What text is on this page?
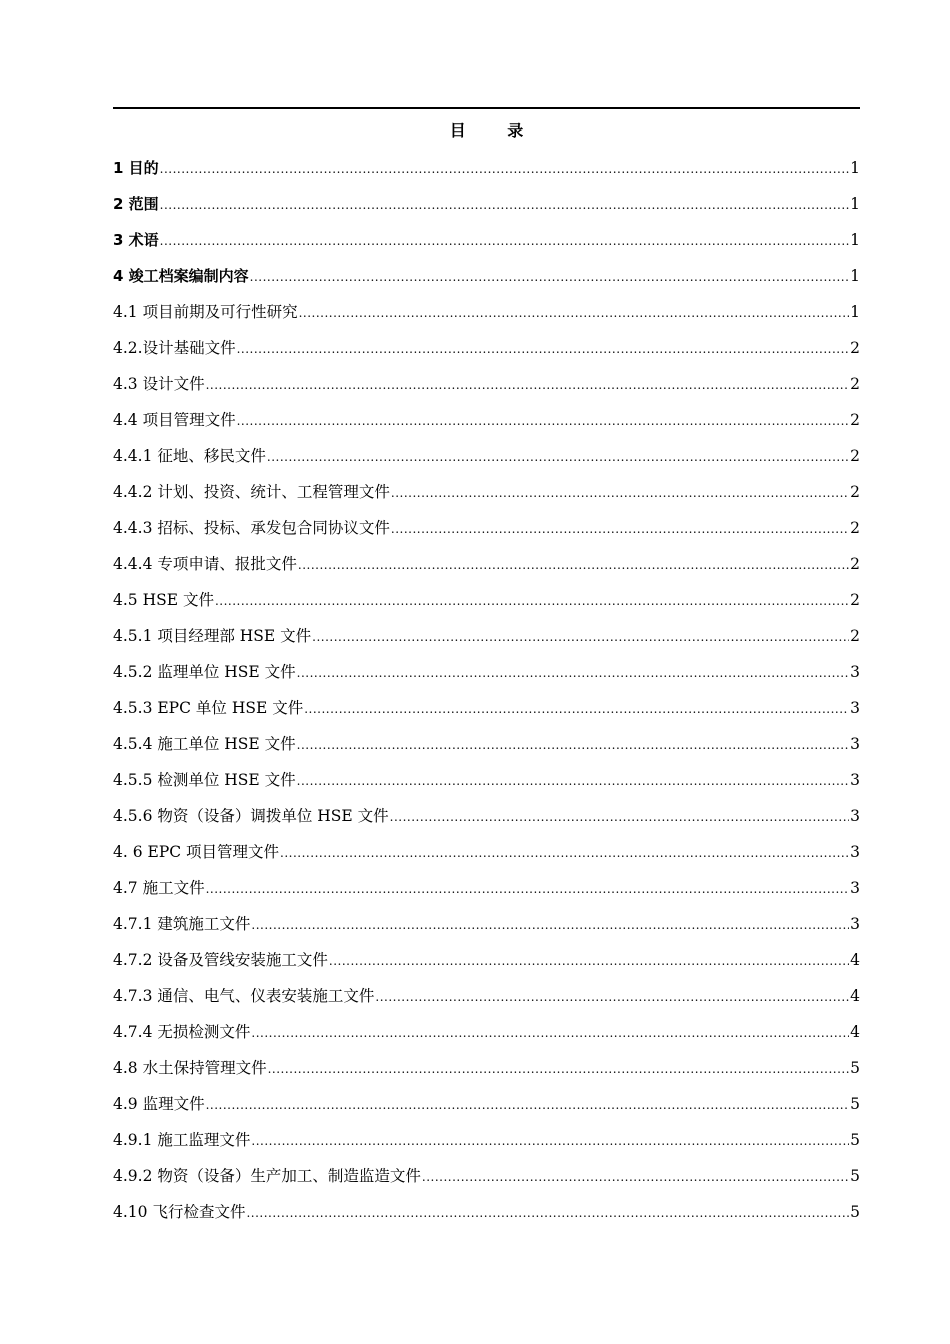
目 录
1 目的 .....	1
2 范围 .....	1
3 术语 .....	1
4 竣工档案编制内容 .....	1
4.1 项目前期及可行性研究 .....	1
4.2.设计基础文件 .....	2
4.3 设计文件 .....	2
4.4 项目管理文件 .....	2
4.4.1 征地、移民文件 .....	2
4.4.2 计划、投资、统计、工程管理文件 .....	2
4.4.3 招标、投标、承发包合同协议文件 .....	2
4.4.4 专项申请、报批文件 .....	2
4.5 HSE 文件 .....	2
4.5.1 项目经理部 HSE 文件 .....	2
4.5.2 监理单位 HSE 文件 .....	3
4.5.3 EPC 单位 HSE 文件 .....	3
4.5.4 施工单位 HSE 文件 .....	3
4.5.5 检测单位 HSE 文件 .....	3
4.5.6 物资（设备）调拨单位 HSE 文件 .....	3
4. 6 EPC 项目管理文件 .....	3
4.7 施工文件 .....	3
4.7.1 建筑施工文件 .....	3
4.7.2 设备及管线安装施工文件 .....	4
4.7.3 通信、电气、仪表安装施工文件 .....	4
4.7.4 无损检测文件 .....	4
4.8 水土保持管理文件 .....	5
4.9 监理文件 .....	5
4.9.1 施工监理文件 .....	5
4.9.2 物资（设备）生产加工、制造监造文件 .....	5
4.10 飞行检查文件 .....	5
